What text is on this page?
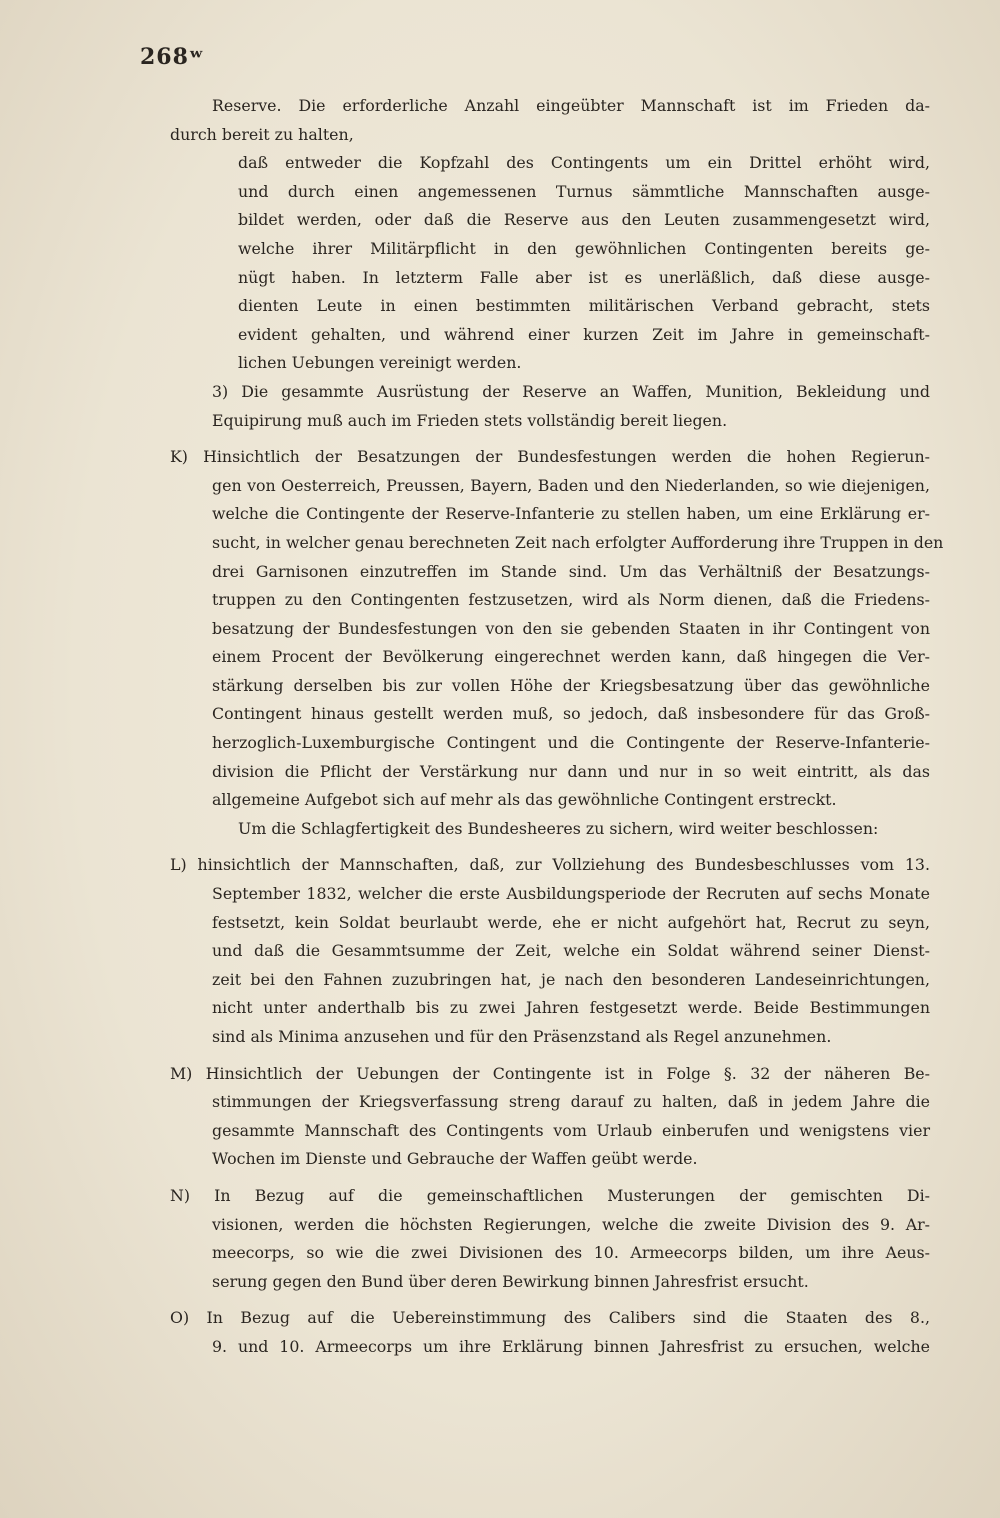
268ʷ
Reserve. Die erforderliche Anzahl eingeübter Mannschaft ist im Frieden da-
durch bereit zu halten,
daß entweder die Kopfzahl des Contingents um ein Drittel erhöht wird,
und durch einen angemessenen Turnus sämmtliche Mannschaften ausge-
bildet werden, oder daß die Reserve aus den Leuten zusammengesetzt wird,
welche ihrer Militärpflicht in den gewöhnlichen Contingenten bereits ge-
nügt haben. In letzterm Falle aber ist es unerläßlich, daß diese ausge-
dienten Leute in einen bestimmten militärischen Verband gebracht, stets
evident gehalten, und während einer kurzen Zeit im Jahre in gemeinschaft-
lichen Uebungen vereinigt werden.
3) Die gesammte Ausrüstung der Reserve an Waffen, Munition, Bekleidung und
Equipirung muß auch im Frieden stets vollständig bereit liegen.
K) Hinsichtlich der Besatzungen der Bundesfestungen werden die hohen Regierun-
gen von Oesterreich, Preussen, Bayern, Baden und den Niederlanden, so wie diejenigen,
welche die Contingente der Reserve-Infanterie zu stellen haben, um eine Erklärung er-
sucht, in welcher genau berechneten Zeit nach erfolgter Aufforderung ihre Truppen in den
drei Garnisonen einzutreffen im Stande sind. Um das Verhältniß der Besatzungs-
truppen zu den Contingenten festzusetzen, wird als Norm dienen, daß die Friedens-
besatzung der Bundesfestungen von den sie gebenden Staaten in ihr Contingent von
einem Procent der Bevölkerung eingerechnet werden kann, daß hingegen die Ver-
stärkung derselben bis zur vollen Höhe der Kriegsbesatzung über das gewöhnliche
Contingent hinaus gestellt werden muß, so jedoch, daß insbesondere für das Groß-
herzoglich-Luxemburgische Contingent und die Contingente der Reserve-Infanterie-
division die Pflicht der Verstärkung nur dann und nur in so weit eintritt, als das
allgemeine Aufgebot sich auf mehr als das gewöhnliche Contingent erstreckt.
Um die Schlagfertigkeit des Bundesheeres zu sichern, wird weiter beschlossen:
L) hinsichtlich der Mannschaften, daß, zur Vollziehung des Bundesbeschlusses vom 13.
September 1832, welcher die erste Ausbildungsperiode der Recruten auf sechs Monate
festsetzt, kein Soldat beurlaubt werde, ehe er nicht aufgehört hat, Recrut zu seyn,
und daß die Gesammtsumme der Zeit, welche ein Soldat während seiner Dienst-
zeit bei den Fahnen zuzubringen hat, je nach den besonderen Landeseinrichtungen,
nicht unter anderthalb bis zu zwei Jahren festgesetzt werde. Beide Bestimmungen
sind als Minima anzusehen und für den Präsenzstand als Regel anzunehmen.
M) Hinsichtlich der Uebungen der Contingente ist in Folge §. 32 der näheren Be-
stimmungen der Kriegsverfassung streng darauf zu halten, daß in jedem Jahre die
gesammte Mannschaft des Contingents vom Urlaub einberufen und wenigstens vier
Wochen im Dienste und Gebrauche der Waffen geübt werde.
N) In Bezug auf die gemeinschaftlichen Musterungen der gemischten Di-
visionen, werden die höchsten Regierungen, welche die zweite Division des 9. Ar-
meecorps, so wie die zwei Divisionen des 10. Armeecorps bilden, um ihre Aeus-
serung gegen den Bund über deren Bewirkung binnen Jahresfrist ersucht.
O) In Bezug auf die Uebereinstimmung des Calibers sind die Staaten des 8.,
9. und 10. Armeecorps um ihre Erklärung binnen Jahresfrist zu ersuchen, welche
